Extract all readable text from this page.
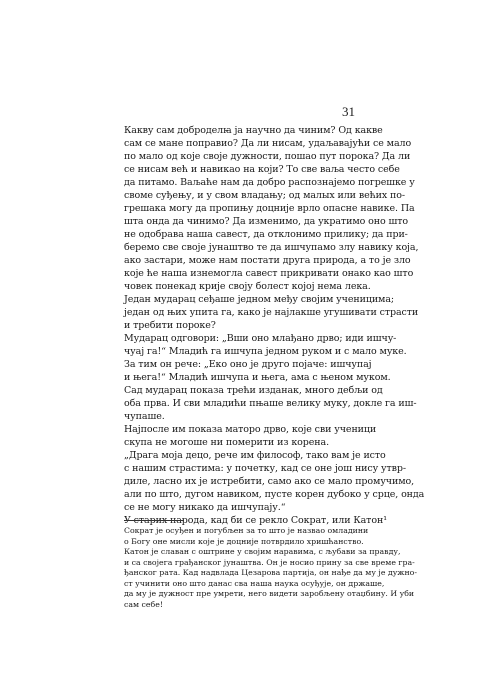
31
Какву сам доброделꙗ ја научно да чиним? Од какве
сам се мане поправио? Да ли нисам, удаљавајући се мало
по мало од које своје дужности, пошао пут порока? Да ли
се нисам већ и навикао на који? То све ваља често себе
да питамо. Ваљаће нам да добро распознајемо погрешке у
своме суђењу, и у свом владању; од малых или већих по-
грешака могу да пропињу доцније врло опасне навике. Па
шта онда да чинимо? Да изменимо, да укратимо оно што
не одобрава наша савест, да отклонимо прилику; да при-
беремо све своје јунаштво те да ишчупамо злу навику која,
ако застари, може нам постати друга природа, а то је зло
које ће наша изнемогла савест прикривати онако као што
човек понекад крије своју болест којој нема лека.
Један мударац сеђаше једном међу својим ученицима;
један од њих упита га, како је најлакше угушивати страсти
и требити пороке?
Мударац одговори: „Вши оно млађано дрво; иди ишчу-
чуај га!“ Младић га ишчупа једном руком и с мало муке.
За тим он рече: „Еко оно је друго појаче: ишчупај
и њега!“ Младић ишчупа и њега, ама с њеном мукoм.
Сад мударац показа трећи изданак, много дебљи од
оба прва. И сви младићи пњаше велику муку, докле га иш-
чупаше.
Најпосле им показа маторо дрво, које сви ученици
скупа не могоше ни померити из корена.
„Драга моја децо, рече им философ, тако вам је исто
с нашим страстима: у почетку, кад се оне још нису утвр-
диле, ласно их је истребити, само ако се мало промучимо,
али по што, дугом навиком, пусте корен дубоко у срце, онда
се не могу никако да ишчупају.“
У старих народа, кад би се рекло Сократ, или Катон¹
Сократ је осуђен и погубљен за то што је назвао омладини
о Богу оне мисли које је доцније потврдило хришћанство.
Катон је славан с оштрине у својим нарaвима, с љубави за правду,
и са својега грађанског јунаштва. Он је носио прину за све време гра-
ђанског рата. Кад надвлада Цезарова партија, он нађе да му је дужно-
ст учинити оно што данас сва наша наука осуђује, он држаше,
да му је дужност пре умрети, него видети заробљену отаџбину. И уби
сам себе!
